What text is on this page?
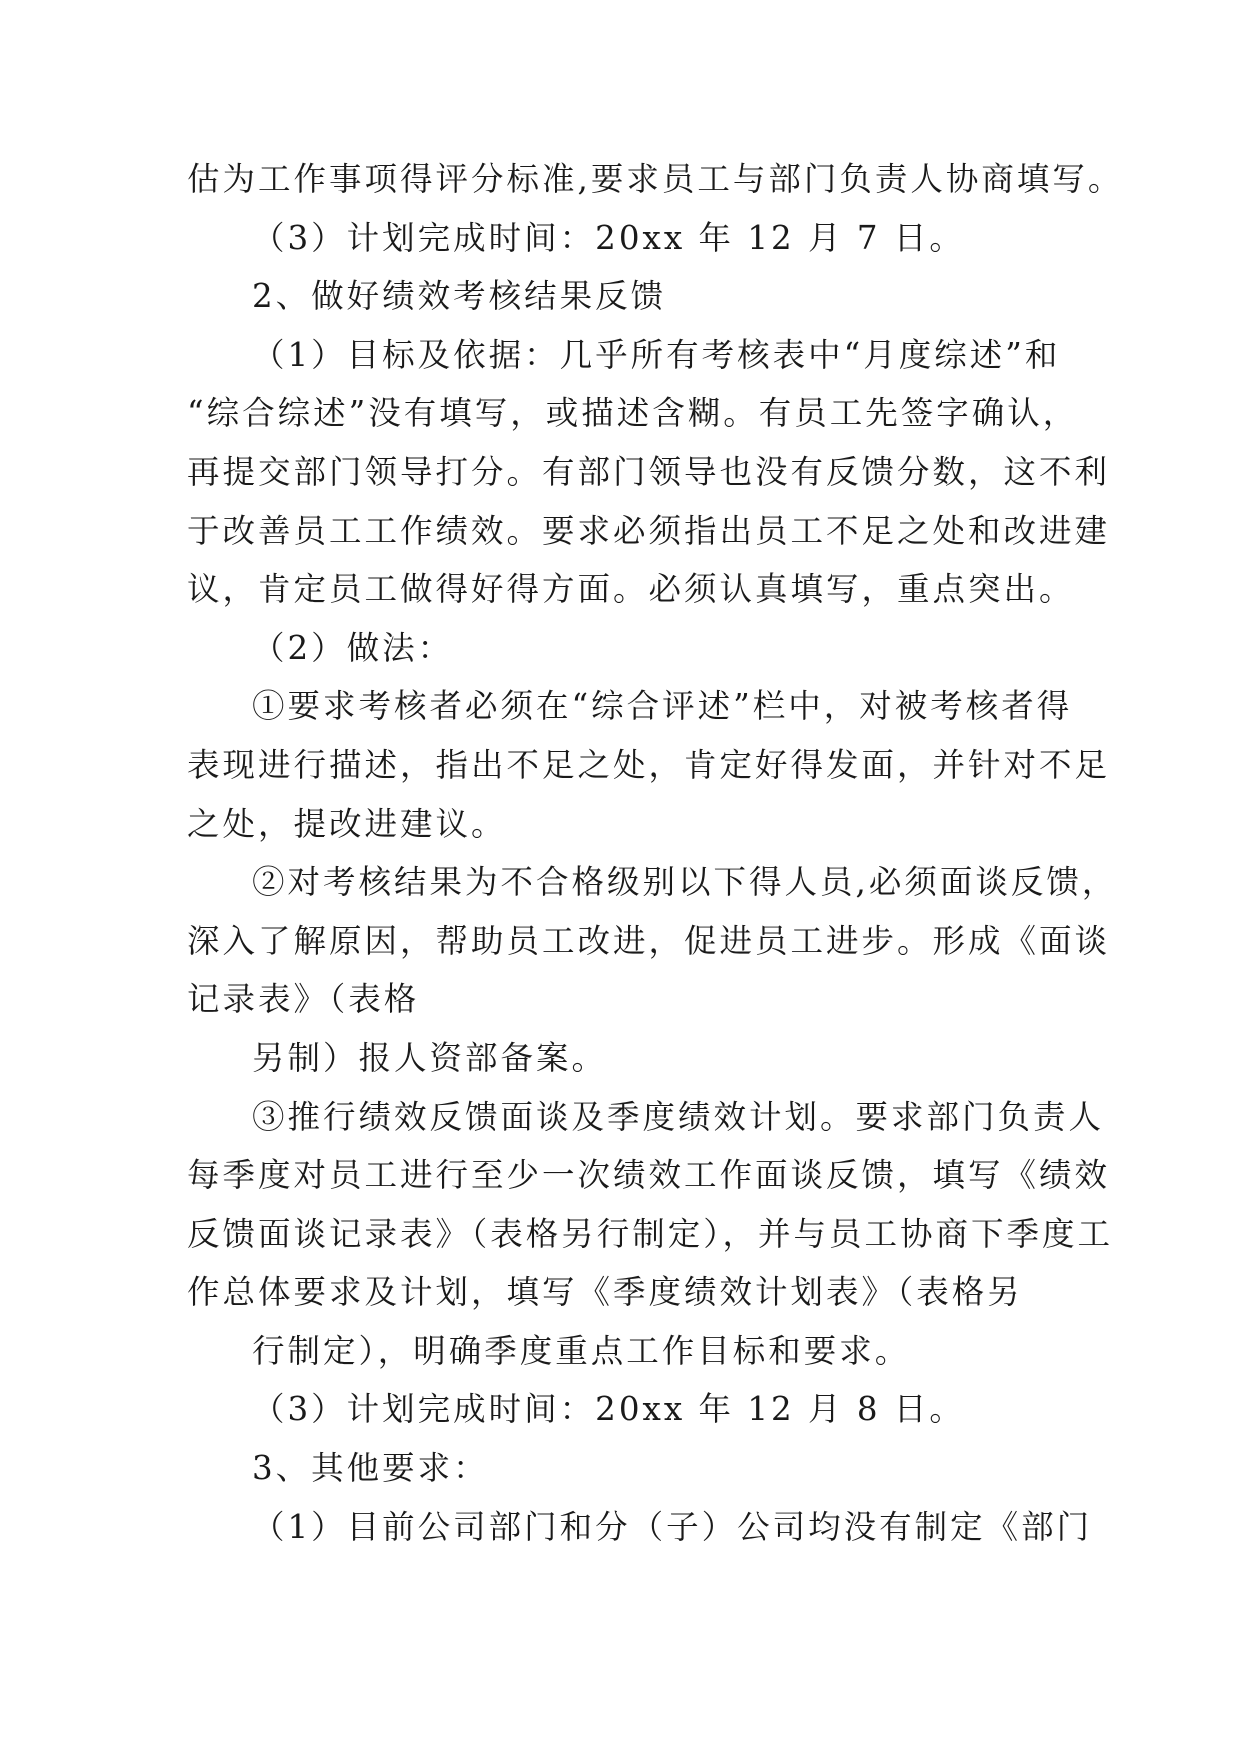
估为工作事项得评分标准,要求员工与部门负责人协商填写。

（3）计划完成时间：20xx 年 12 月 7 日。

2、做好绩效考核结果反馈

（1）目标及依据：几乎所有考核表中“月度综述”和

“综合综述”没有填写，或描述含糊。有员工先签字确认，

再提交部门领导打分。有部门领导也没有反馈分数，这不利

于改善员工工作绩效。要求必须指出员工不足之处和改进建

议，肯定员工做得好得方面。必须认真填写，重点突出。

（2）做法：

①要求考核者必须在“综合评述”栏中，对被考核者得

表现进行描述，指出不足之处，肯定好得发面，并针对不足

之处，提改进建议。

②对考核结果为不合格级别以下得人员,必须面谈反馈，

深入了解原因，帮助员工改进，促进员工进步。形成《面谈

记录表》（表格

另制）报人资部备案。

③推行绩效反馈面谈及季度绩效计划。要求部门负责人

每季度对员工进行至少一次绩效工作面谈反馈，填写《绩效

反馈面谈记录表》（表格另行制定），并与员工协商下季度工

作总体要求及计划，填写《季度绩效计划表》（表格另

行制定），明确季度重点工作目标和要求。

（3）计划完成时间：20xx 年 12 月 8 日。

3、其他要求：

（1）目前公司部门和分（子）公司均没有制定《部门
